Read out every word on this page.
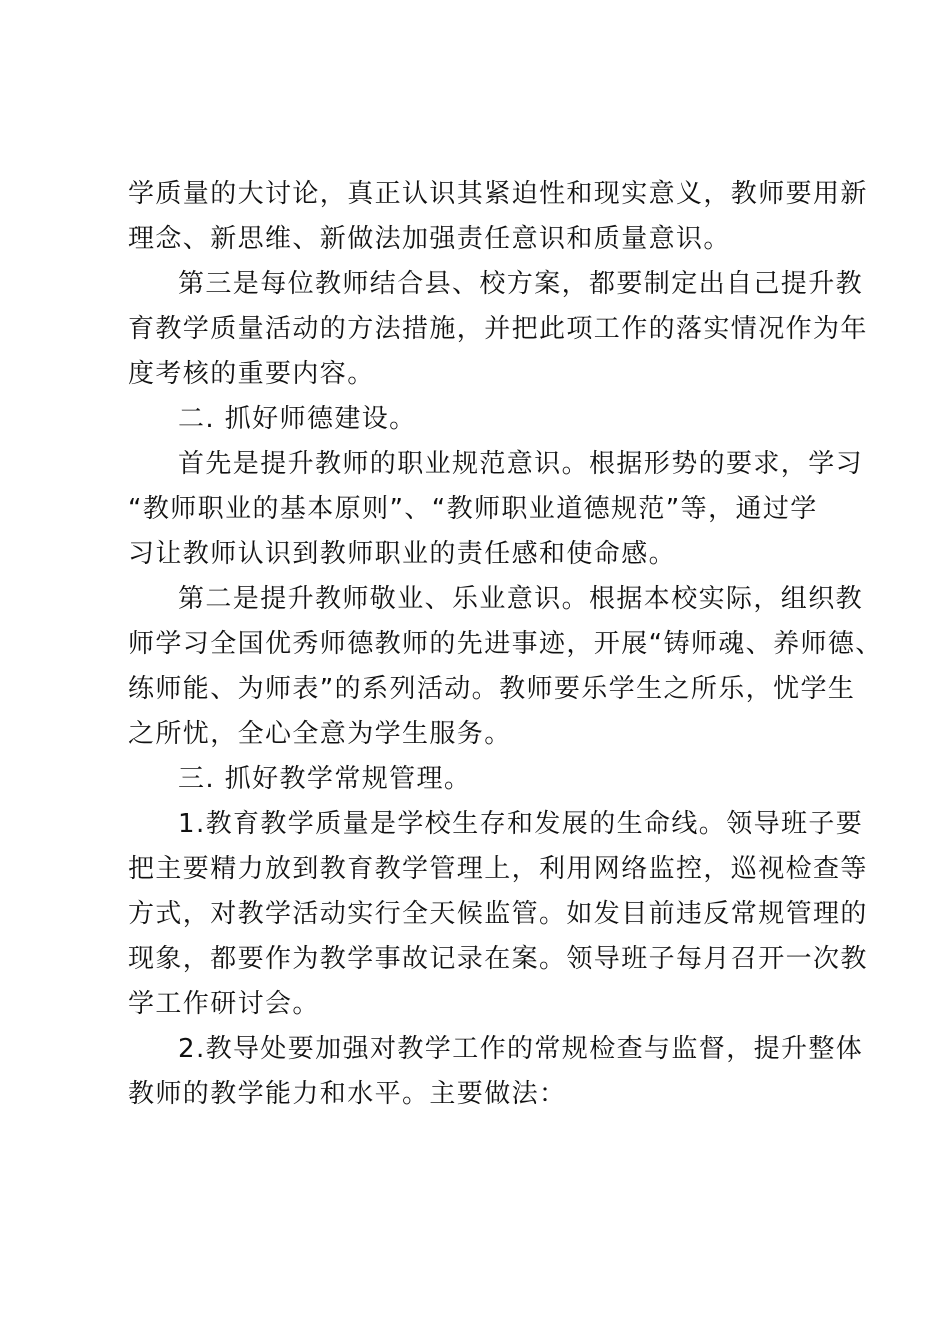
学质量的大讨论，真正认识其紧迫性和现实意义，教师要用新
理念、新思维、新做法加强责任意识和质量意识。
第三是每位教师结合县、校方案，都要制定出自己提升教
育教学质量活动的方法措施，并把此项工作的落实情况作为年
度考核的重要内容。
二. 抓好师德建设。
首先是提升教师的职业规范意识。根据形势的要求，学习
“教师职业的基本原则”、“教师职业道德规范”等，通过学
习让教师认识到教师职业的责任感和使命感。
第二是提升教师敬业、乐业意识。根据本校实际，组织教
师学习全国优秀师德教师的先进事迹，开展“铸师魂、养师德、
练师能、为师表”的系列活动。教师要乐学生之所乐，忧学生
之所忧，全心全意为学生服务。
三. 抓好教学常规管理。
1.教育教学质量是学校生存和发展的生命线。领导班子要
把主要精力放到教育教学管理上，利用网络监控，巡视检查等
方式，对教学活动实行全天候监管。如发目前违反常规管理的
现象，都要作为教学事故记录在案。领导班子每月召开一次教
学工作研讨会。
2.教导处要加强对教学工作的常规检查与监督，提升整体
教师的教学能力和水平。主要做法：
